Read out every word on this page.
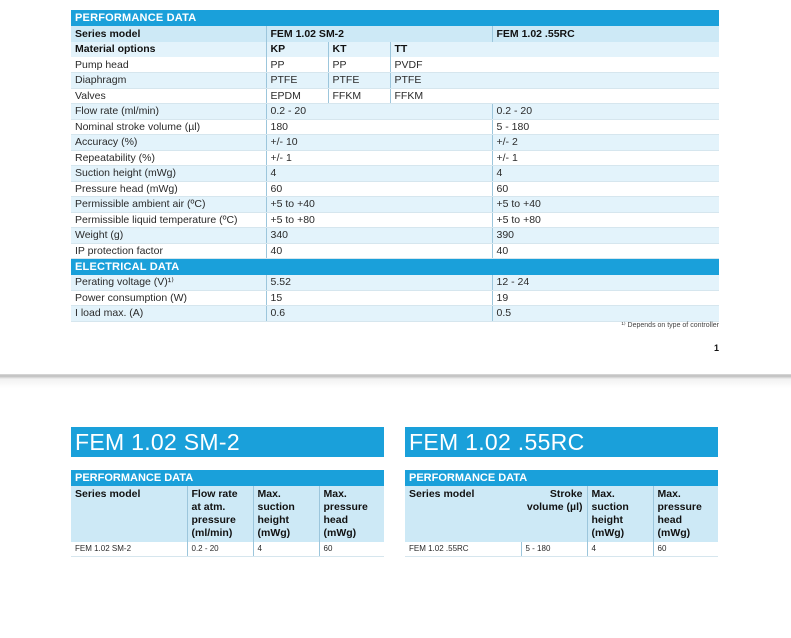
PERFORMANCE DATA				
Series model	FEM 1.02 SM-2			FEM 1.02 .55RC
Material options	KP	KT	TT	
Pump head	PP	PP	PVDF	
Diaphragm	PTFE	PTFE	PTFE	
Valves	EPDM	FFKM	FFKM	
Flow rate (ml/min)	0.2 - 20			0.2 - 20
Nominal stroke volume (µl)	180			5 - 180
Accuracy (%)	+/- 10			+/- 2
Repeatability (%)	+/- 1			+/- 1
Suction height (mWg)	4			4
Pressure head (mWg)	60			60
Permissible ambient air (ºC)	+5 to +40			+5 to +40
Permissible liquid temperature (ºC)	+5 to +80			+5 to +80
Weight (g)	340			390
IP protection factor	40			40
ELECTRICAL DATA				
Perating voltage (V)¹⁾	5.52			12 - 24
Power consumption (W)	15			19
I load max. (A)	0.6			0.5
¹⁾ Depends on type of controller
1
FEM 1.02 SM-2
PERFORMANCE DATA			
Series model	Flow rate at atm. pressure (ml/min)	Max. suction height (mWg)	Max. pressure head (mWg)
FEM 1.02 SM-2	0.2 - 20	4	60
FEM 1.02 .55RC
PERFORMANCE DATA			
Series model	Stroke volume (µl)	Max. suction height (mWg)	Max. pressure head (mWg)
FEM 1.02 .55RC	5 - 180	4	60
